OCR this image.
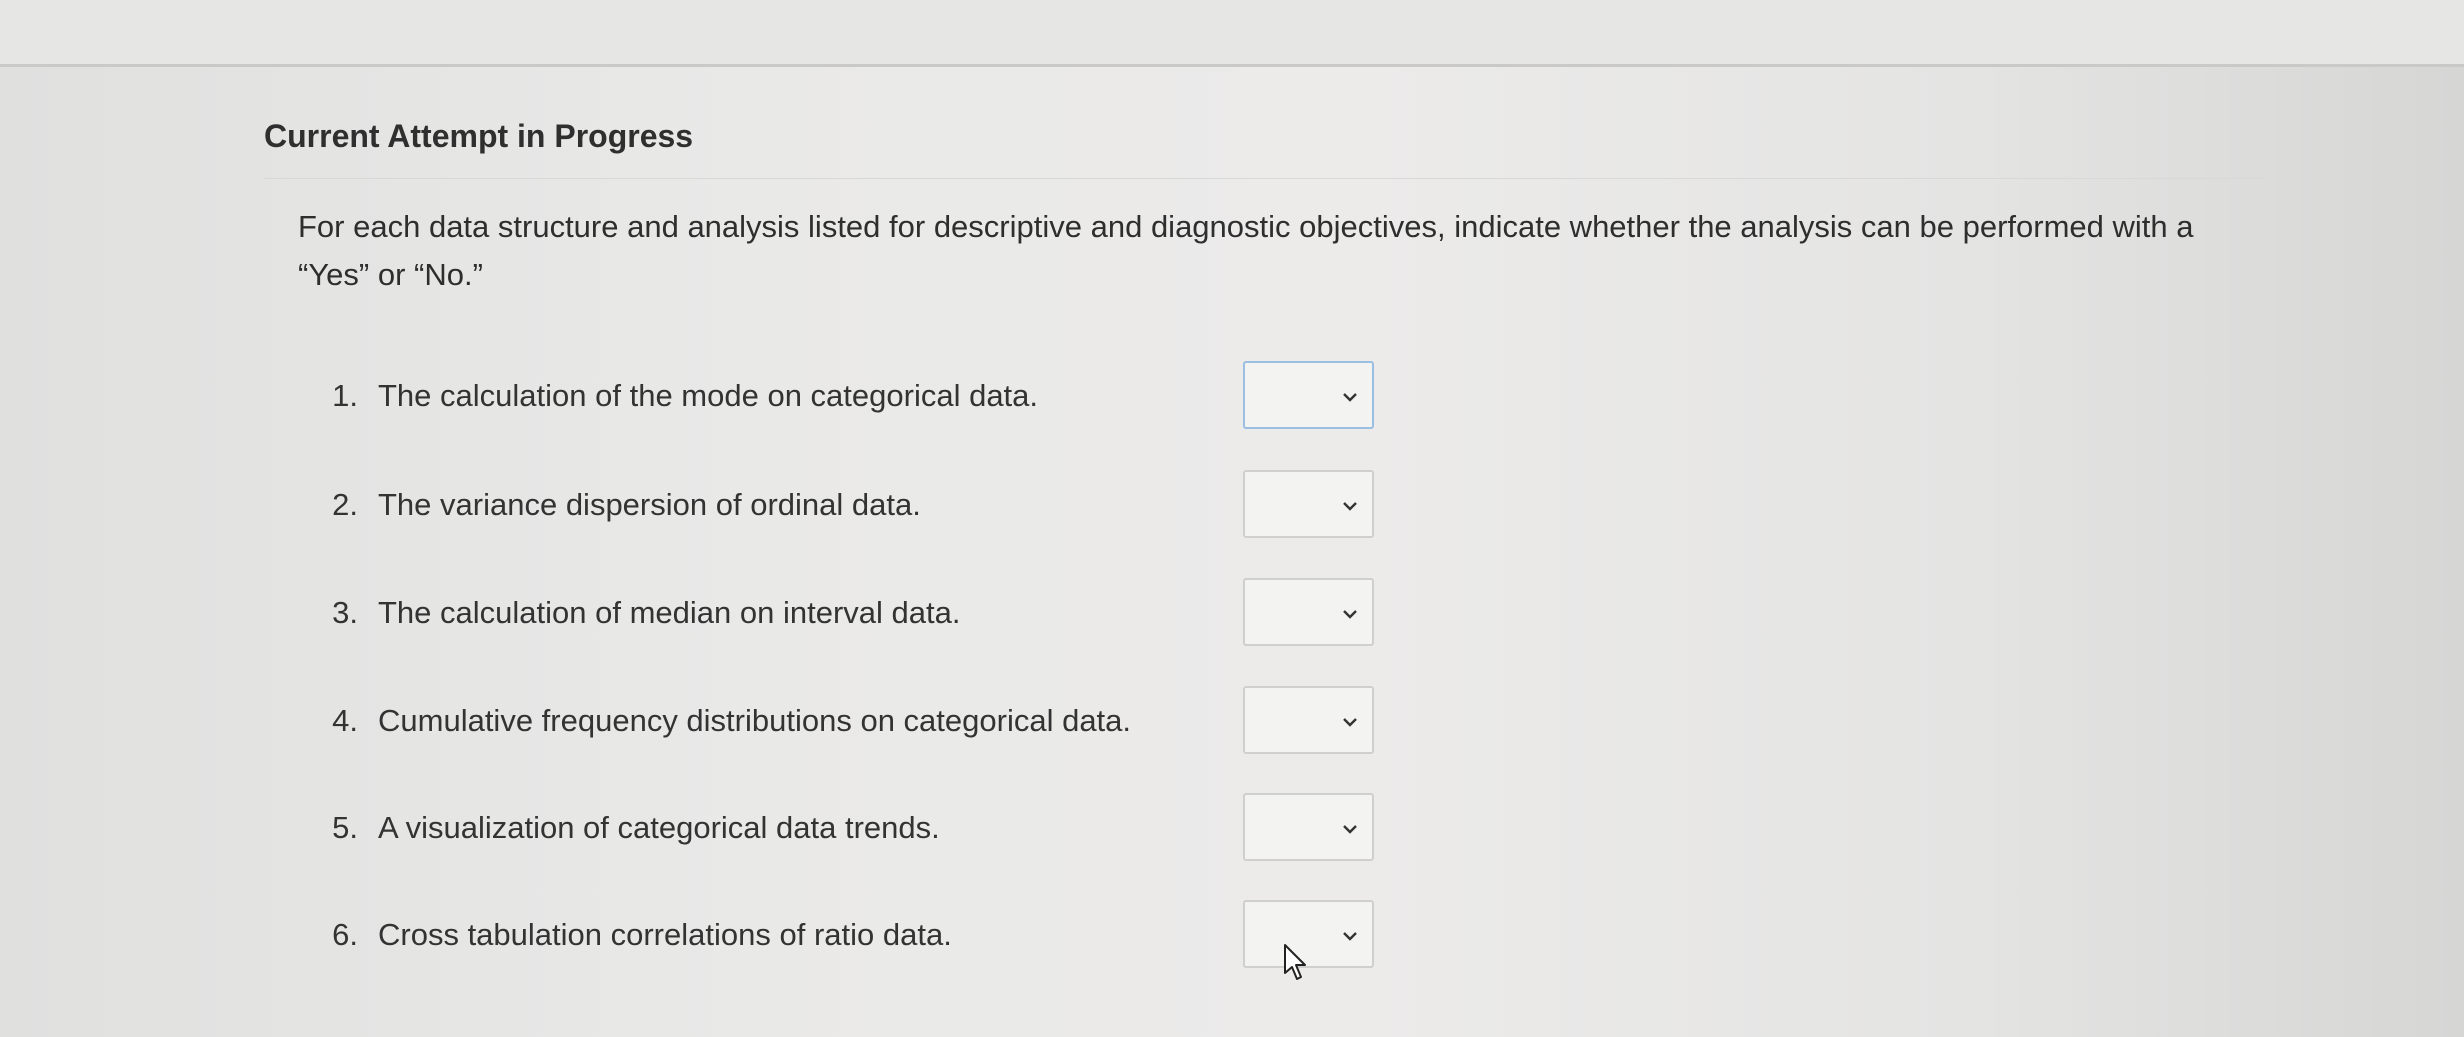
Current Attempt in Progress
For each data structure and analysis listed for descriptive and diagnostic objectives, indicate whether the analysis can be performed with a “Yes” or “No.”
1. The calculation of the mode on categorical data.
2. The variance dispersion of ordinal data.
3. The calculation of median on interval data.
4. Cumulative frequency distributions on categorical data.
5. A visualization of categorical data trends.
6. Cross tabulation correlations of ratio data.
